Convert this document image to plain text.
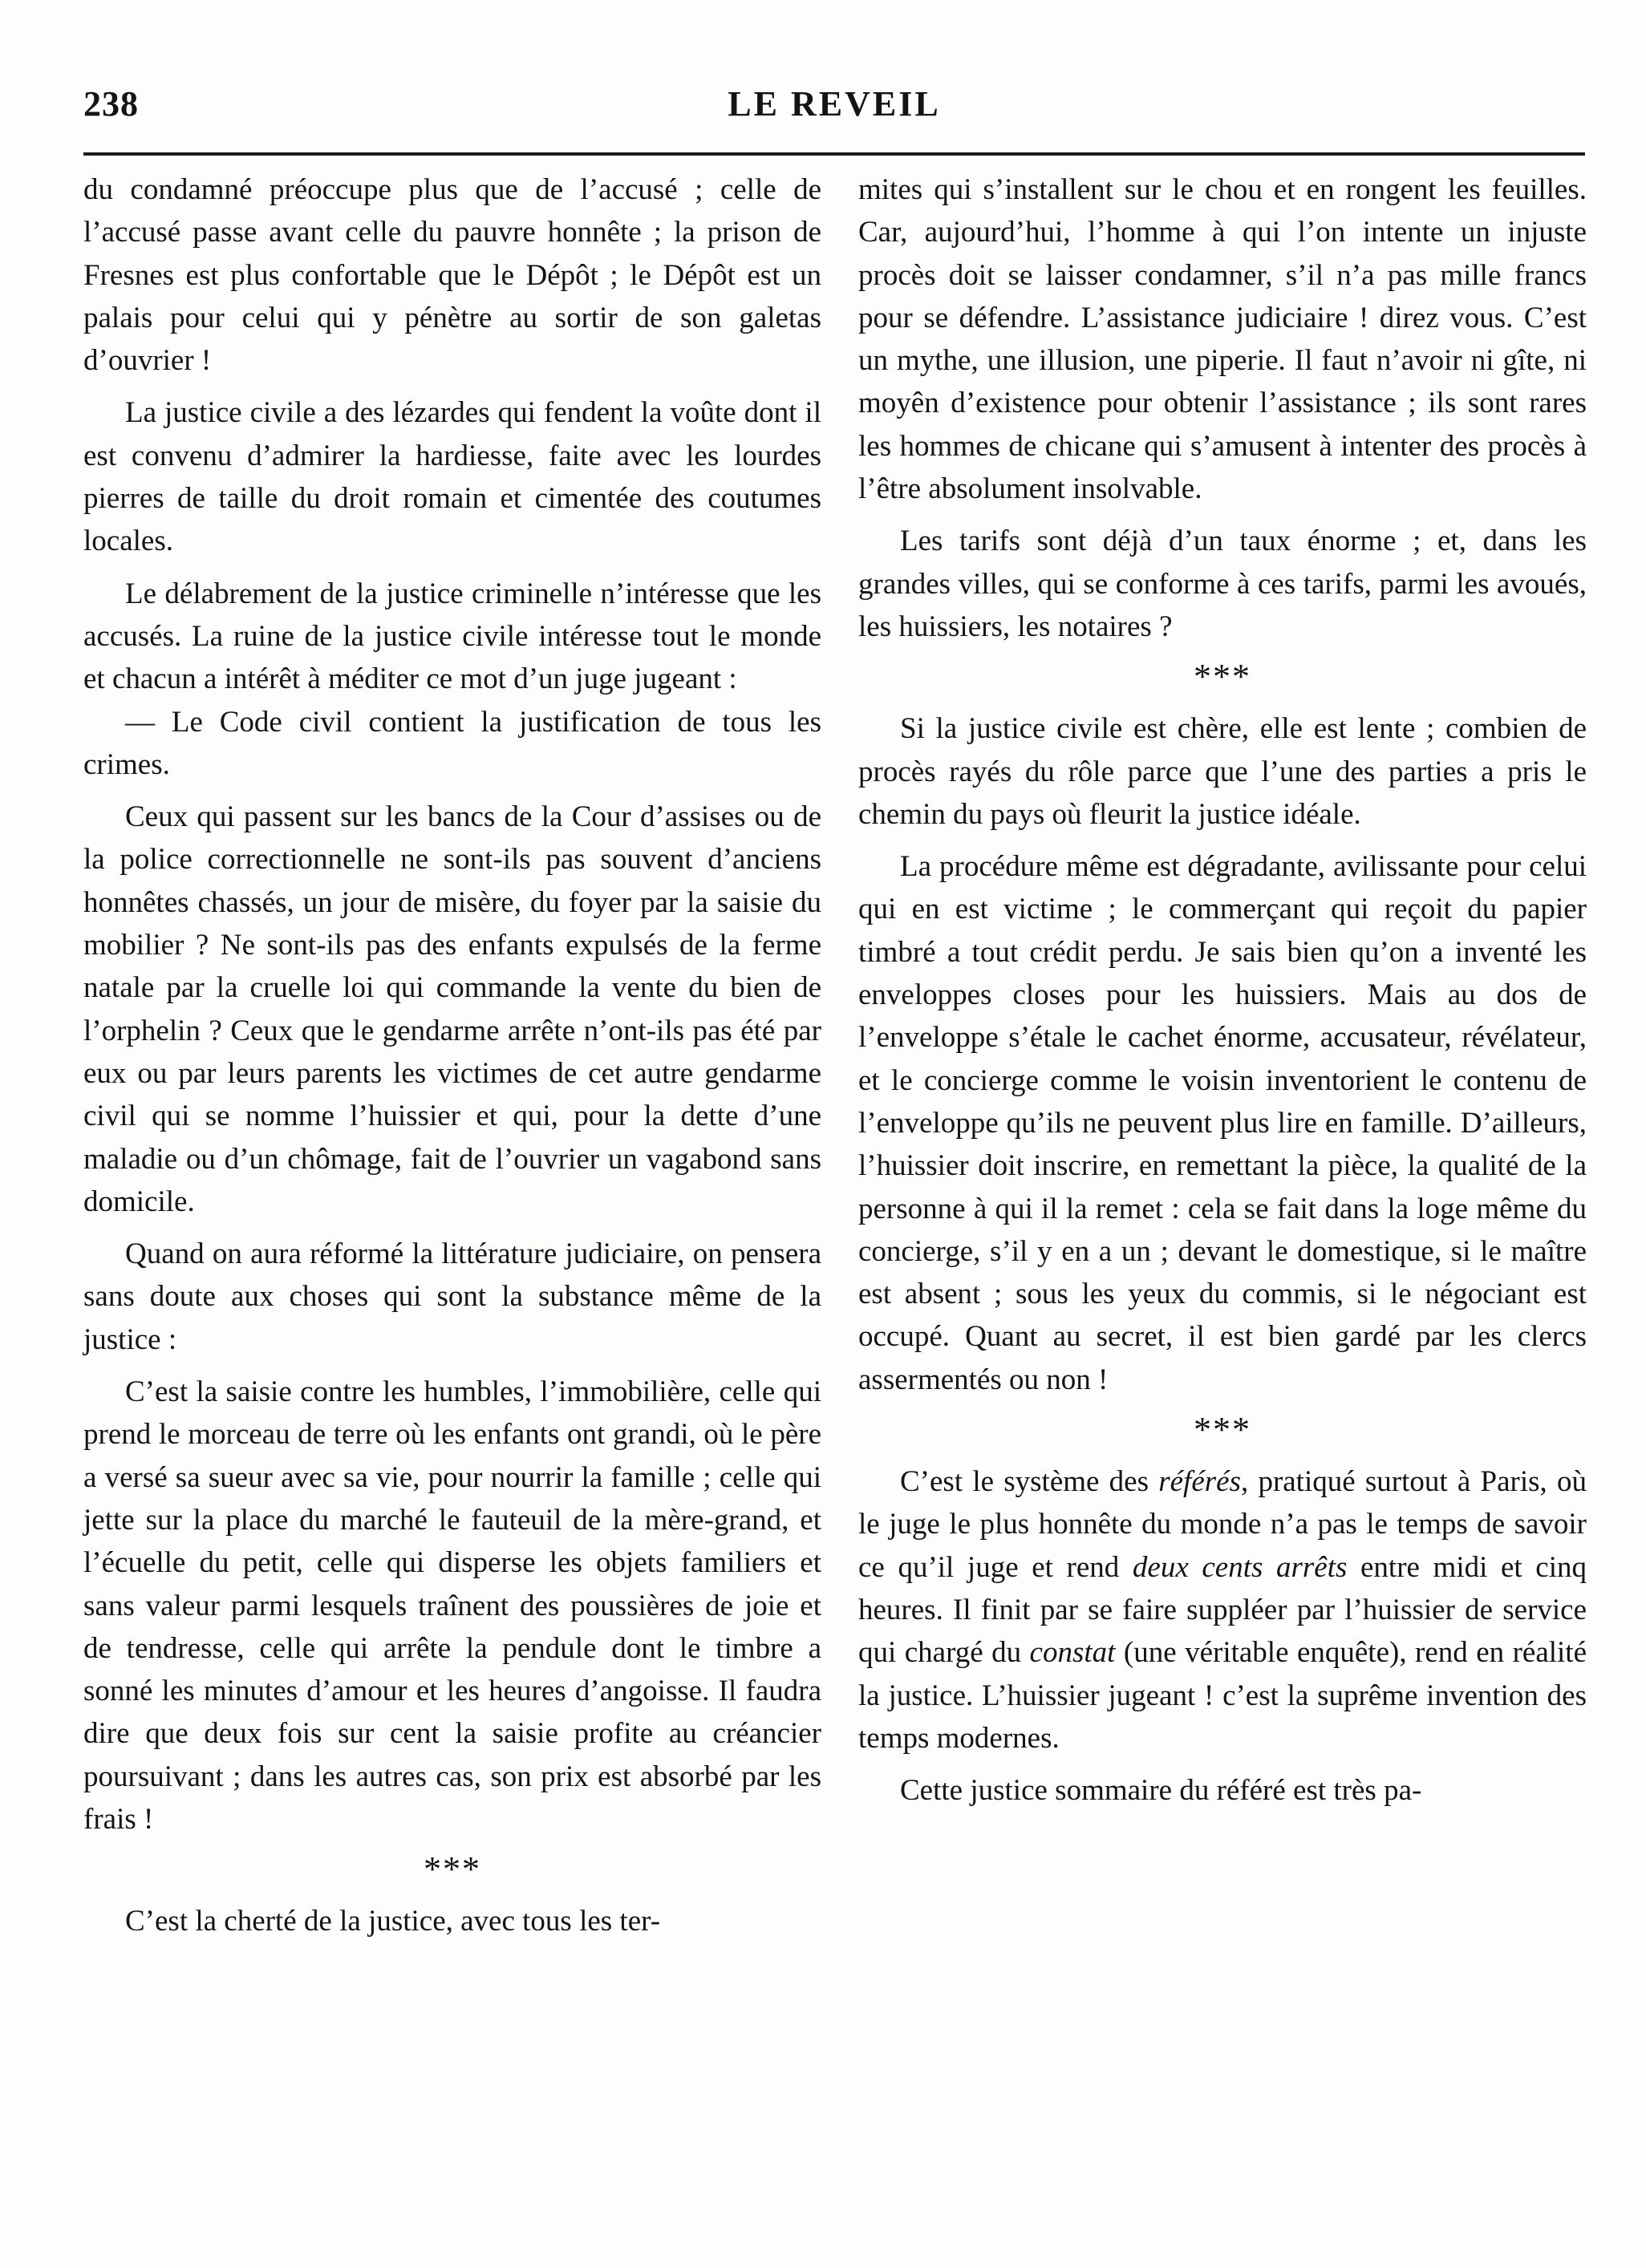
238	LE REVEIL

du condamné préoccupe plus que de l’accusé ; celle de l’accusé passe avant celle du pauvre honnête ; la prison de Fresnes est plus confortable que le Dépôt ; le Dépôt est un palais pour celui qui y pénètre au sortir de son galetas d’ouvrier !

La justice civile a des lézardes qui fendent la voûte dont il est convenu d’admirer la hardiesse, faite avec les lourdes pierres de taille du droit romain et cimentée des coutumes locales.

Le délabrement de la justice criminelle n’intéresse que les accusés. La ruine de la justice civile intéresse tout le monde et chacun a intérêt à méditer ce mot d’un juge jugeant :

— Le Code civil contient la justification de tous les crimes.

Ceux qui passent sur les bancs de la Cour d’assises ou de la police correctionnelle ne sont-ils pas souvent d’anciens honnêtes chassés, un jour de misère, du foyer par la saisie du mobilier ? Ne sont-ils pas des enfants expulsés de la ferme natale par la cruelle loi qui commande la vente du bien de l’orphelin ? Ceux que le gendarme arrête n’ont-ils pas été par eux ou par leurs parents les victimes de cet autre gendarme civil qui se nomme l’huissier et qui, pour la dette d’une maladie ou d’un chômage, fait de l’ouvrier un vagabond sans domicile.

Quand on aura réformé la littérature judiciaire, on pensera sans doute aux choses qui sont la substance même de la justice :

C’est la saisie contre les humbles, l’immobilière, celle qui prend le morceau de terre où les enfants ont grandi, où le père a versé sa sueur avec sa vie, pour nourrir la famille ; celle qui jette sur la place du marché le fauteuil de la mère-grand, et l’écuelle du petit, celle qui disperse les objets familiers et sans valeur parmi lesquels traînent des poussières de joie et de tendresse, celle qui arrête la pendule dont le timbre a sonné les minutes d’amour et les heures d’angoisse. Il faudra dire que deux fois sur cent la saisie profite au créancier poursuivant ; dans les autres cas, son prix est absorbé par les frais !

***

C’est la cherté de la justice, avec tous les ter-

mites qui s’installent sur le chou et en rongent les feuilles. Car, aujourd’hui, l’homme à qui l’on intente un injuste procès doit se laisser condamner, s’il n’a pas mille francs pour se défendre. L’assistance judiciaire ! direz vous. C’est un mythe, une illusion, une piperie. Il faut n’avoir ni gîte, ni moyên d’existence pour obtenir l’assistance ; ils sont rares les hommes de chicane qui s’amusent à intenter des procès à l’être absolument insolvable.

Les tarifs sont déjà d’un taux énorme ; et, dans les grandes villes, qui se conforme à ces tarifs, parmi les avoués, les huissiers, les notaires ?

***

Si la justice civile est chère, elle est lente ; combien de procès rayés du rôle parce que l’une des parties a pris le chemin du pays où fleurit la justice idéale.

La procédure même est dégradante, avilissante pour celui qui en est victime ; le commerçant qui reçoit du papier timbré a tout crédit perdu. Je sais bien qu’on a inventé les enveloppes closes pour les huissiers. Mais au dos de l’enveloppe s’étale le cachet énorme, accusateur, révélateur, et le concierge comme le voisin inventorient le contenu de l’enveloppe qu’ils ne peuvent plus lire en famille. D’ailleurs, l’huissier doit inscrire, en remettant la pièce, la qualité de la personne à qui il la remet : cela se fait dans la loge même du concierge, s’il y en a un ; devant le domestique, si le maître est absent ; sous les yeux du commis, si le négociant est occupé. Quant au secret, il est bien gardé par les clercs assermentés ou non !

***

C’est le système des référés, pratiqué surtout à Paris, où le juge le plus honnête du monde n’a pas le temps de savoir ce qu’il juge et rend deux cents arrêts entre midi et cinq heures. Il finit par se faire suppléer par l’huissier de service qui chargé du constat (une véritable enquête), rend en réalité la justice. L’huissier jugeant ! c’est la suprême invention des temps modernes.

Cette justice sommaire du référé est très pa-
